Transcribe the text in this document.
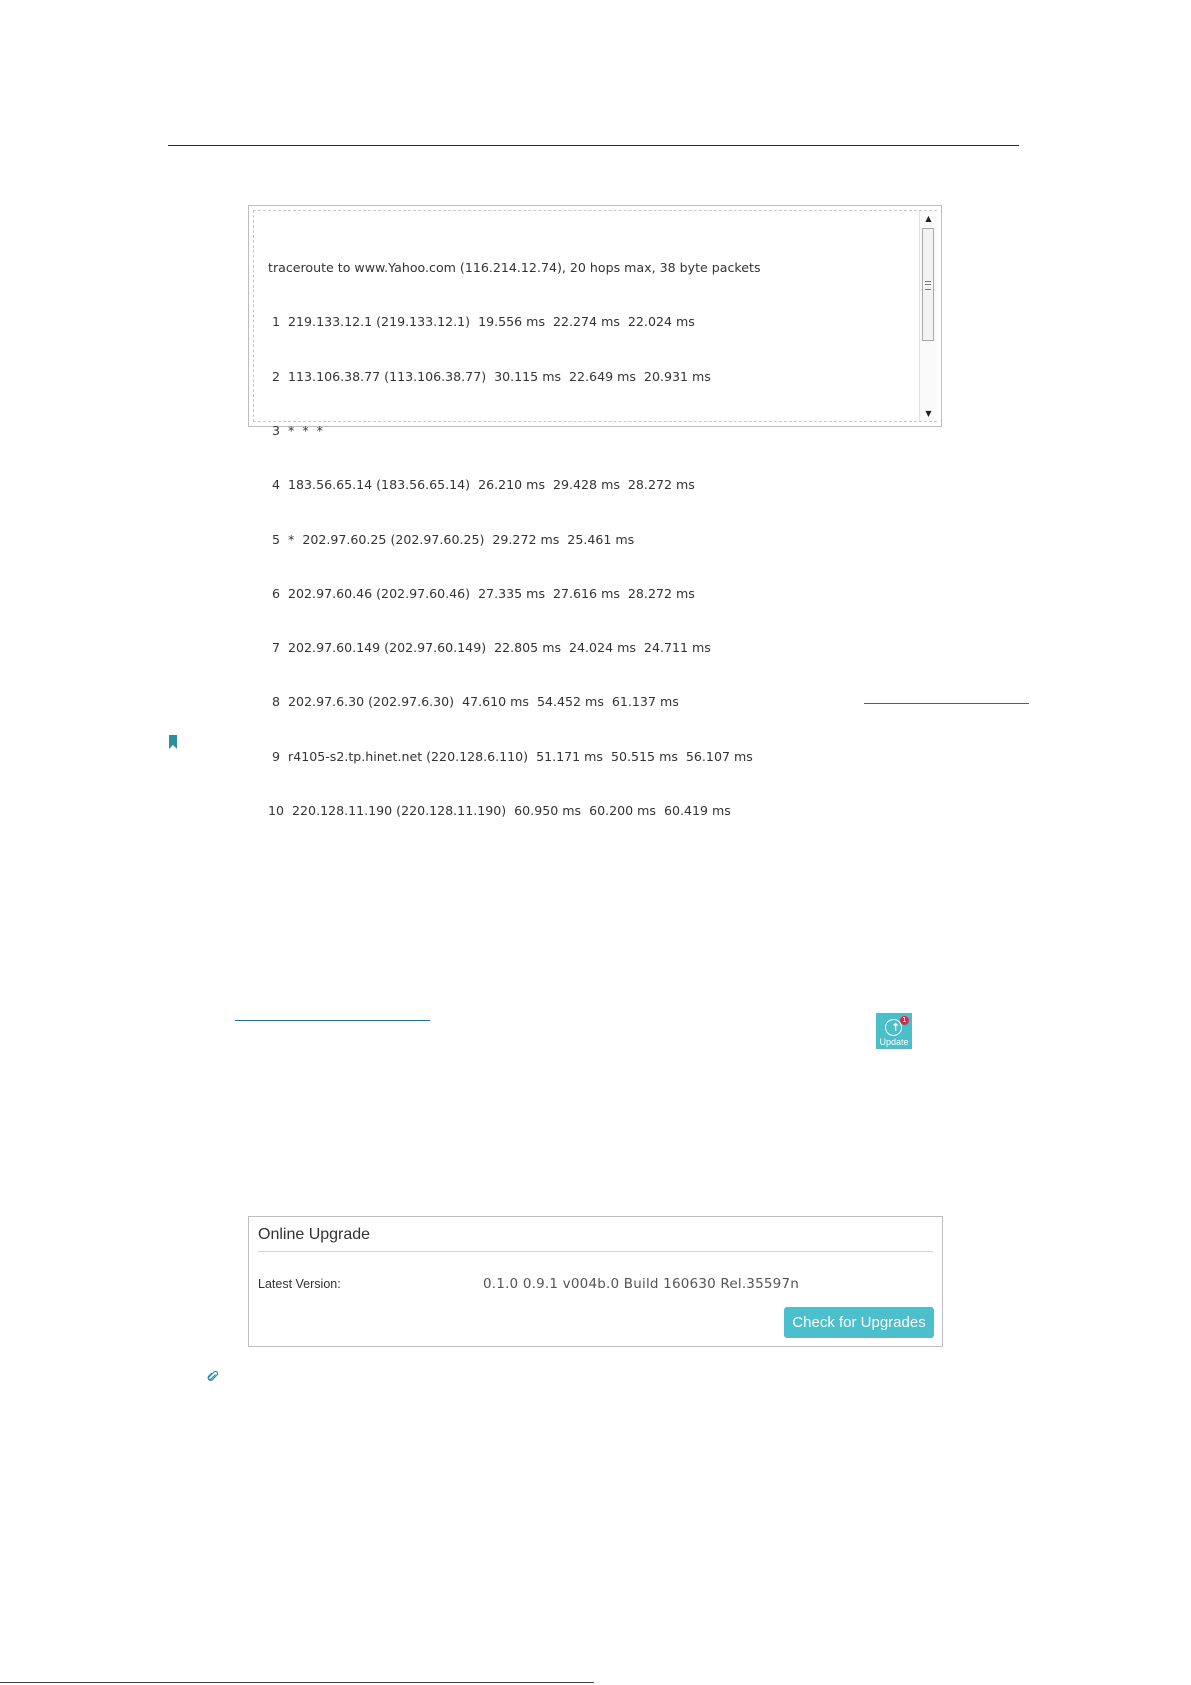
traceroute to www.Yahoo.com (116.214.12.74), 20 hops max, 38 byte packets

1  219.133.12.1 (219.133.12.1)  19.556 ms  22.274 ms  22.024 ms

2  113.106.38.77 (113.106.38.77)  30.115 ms  22.649 ms  20.931 ms

3  *  *  *

4  183.56.65.14 (183.56.65.14)  26.210 ms  29.428 ms  28.272 ms

5  *  202.97.60.25 (202.97.60.25)  29.272 ms  25.461 ms

6  202.97.60.46 (202.97.60.46)  27.335 ms  27.616 ms  28.272 ms

7  202.97.60.149 (202.97.60.149)  22.805 ms  24.024 ms  24.711 ms

8  202.97.6.30 (202.97.6.30)  47.610 ms  54.452 ms  61.137 ms

9  r4105-s2.tp.hinet.net (220.128.6.110)  51.171 ms  50.515 ms  56.107 ms

10  220.128.11.190 (220.128.11.190)  60.950 ms  60.200 ms  60.419 ms

▲
▼
↑
1
Update
Online Upgrade
Latest Version:	0.1.0 0.9.1 v004b.0 Build 160630 Rel.35597n
Check for Upgrades
